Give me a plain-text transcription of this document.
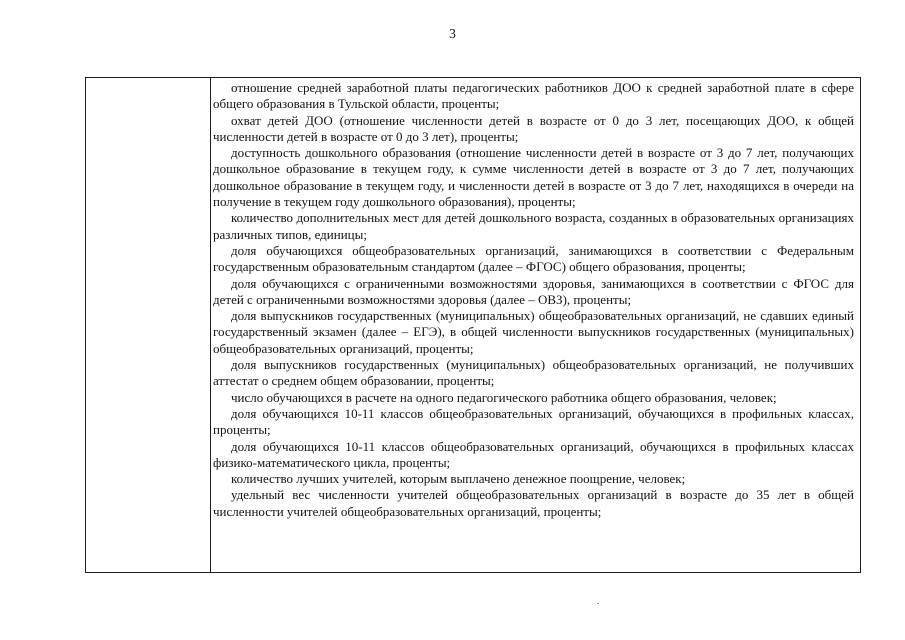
3

отношение средней заработной платы педагогических работников ДОО к средней заработной плате в сфере общего образования в Тульской области, проценты;

охват детей ДОО (отношение численности детей в возрасте от 0 до 3 лет, посещающих ДОО, к общей численности детей в возрасте от 0 до 3 лет), проценты;

доступность дошкольного образования (отношение численности детей в возрасте от 3 до 7 лет, получающих дошкольное образование в текущем году, к сумме численности детей в возрасте от 3 до 7 лет, получающих дошкольное образование в текущем году, и численности детей в возрасте от 3 до 7 лет, находящихся в очереди на получение в текущем году дошкольного образования), проценты;

количество дополнительных мест для детей дошкольного возраста, созданных в образовательных организациях различных типов, единицы;

доля обучающихся общеобразовательных организаций, занимающихся в соответствии с Федеральным государственным образовательным стандартом (далее – ФГОС) общего образования, проценты;

доля обучающихся с ограниченными возможностями здоровья, занимающихся в соответствии с ФГОС для детей с ограниченными возможностями здоровья (далее – ОВЗ), проценты;

доля выпускников государственных (муниципальных) общеобразовательных организаций, не сдавших единый государственный экзамен (далее – ЕГЭ), в общей численности выпускников государственных (муниципальных) общеобразовательных организаций, проценты;

доля выпускников государственных (муниципальных) общеобразовательных организаций, не получивших аттестат о среднем общем образовании, проценты;

число обучающихся в расчете на одного педагогического работника общего образования, человек;

доля обучающихся 10-11 классов общеобразовательных организаций, обучающихся в профильных классах, проценты;

доля обучающихся 10-11 классов общеобразовательных организаций, обучающихся в профильных классах физико-математического цикла, проценты;

количество лучших учителей, которым выплачено денежное поощрение, человек;

удельный вес численности учителей общеобразовательных организаций в возрасте до 35 лет в общей численности учителей общеобразовательных организаций, проценты;
